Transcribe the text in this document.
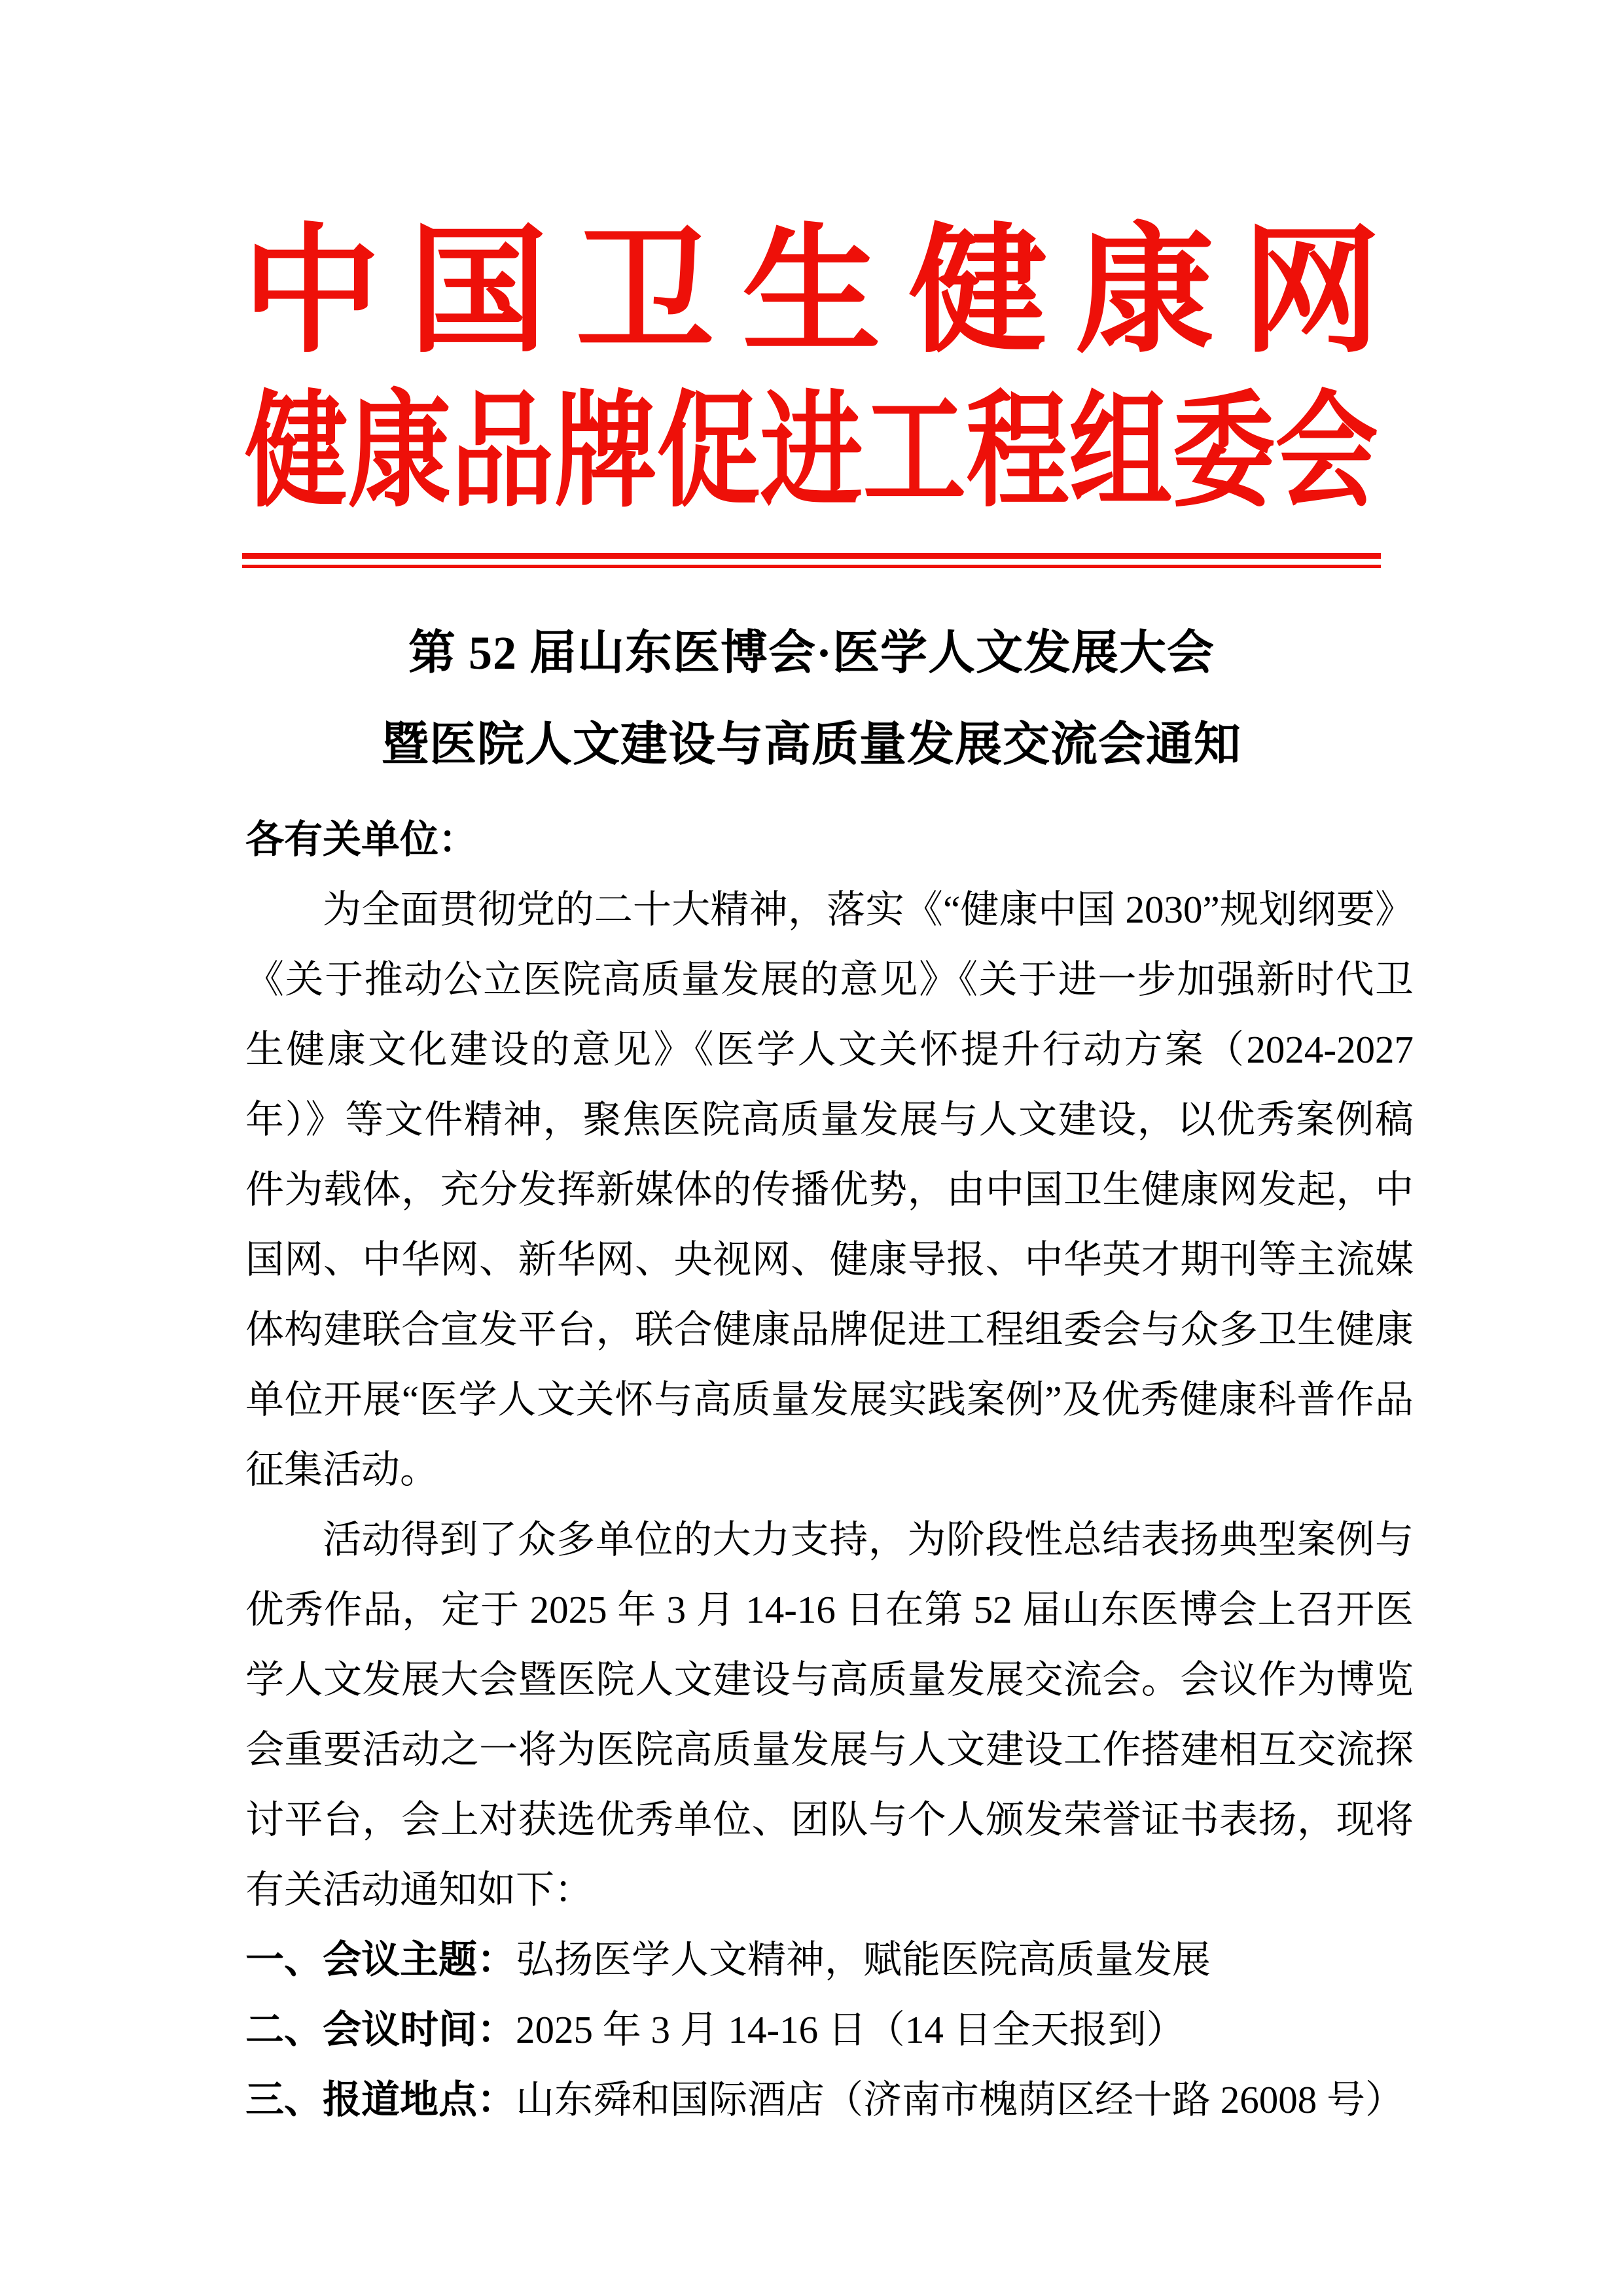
中 国 卫 生 健 康 网
健康品牌促进工程组委会
第 52 届山东医博会·医学人文发展大会
暨医院人文建设与高质量发展交流会通知

各有关单位：

为全面贯彻党的二十大精神，落实《“健康中国 2030”规划纲要》《关于推动公立医院高质量发展的意见》《关于进一步加强新时代卫生健康文化建设的意见》《医学人文关怀提升行动方案（2024-2027 年）》等文件精神，聚焦医院高质量发展与人文建设，以优秀案例稿件为载体，充分发挥新媒体的传播优势，由中国卫生健康网发起，中国网、中华网、新华网、央视网、健康导报、中华英才期刊等主流媒体构建联合宣发平台，联合健康品牌促进工程组委会与众多卫生健康单位开展“医学人文关怀与高质量发展实践案例”及优秀健康科普作品征集活动。

活动得到了众多单位的大力支持，为阶段性总结表扬典型案例与优秀作品，定于 2025 年 3 月 14-16 日在第 52 届山东医博会上召开医学人文发展大会暨医院人文建设与高质量发展交流会。会议作为博览会重要活动之一将为医院高质量发展与人文建设工作搭建相互交流探讨平台，会上对获选优秀单位、团队与个人颁发荣誉证书表扬，现将有关活动通知如下：

一、会议主题：弘扬医学人文精神，赋能医院高质量发展

二、会议时间：2025 年 3 月 14-16 日（14 日全天报到）

三、报道地点：山东舜和国际酒店（济南市槐荫区经十路 26008 号）
